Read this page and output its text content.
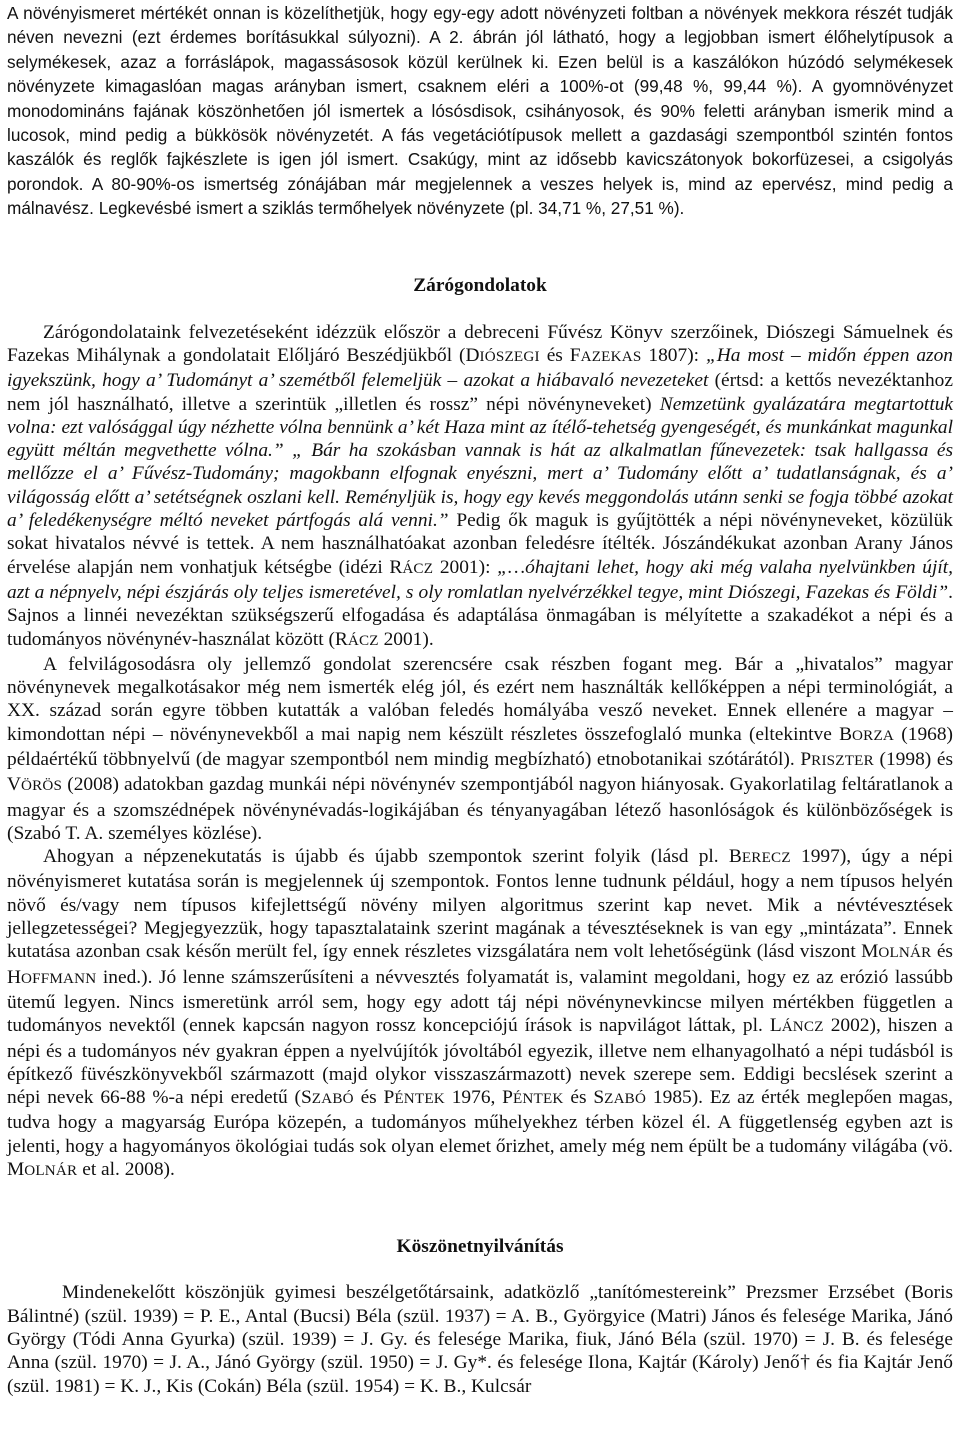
A növényismeret mértékét onnan is közelíthetjük, hogy egy-egy adott növényzeti foltban a növények mekkora részét tudják néven nevezni (ezt érdemes borításukkal súlyozni). A 2. ábrán jól látható, hogy a legjobban ismert élőhelytípusok a selymékesek, azaz a forráslápok, magassásosok közül kerülnek ki. Ezen belül is a kaszálókon húzódó selymékesek növényzete kimagaslóan magas arányban ismert, csaknem eléri a 100%-ot (99,48 %, 99,44 %). A gyomnövényzet monodomináns fajának köszönhetően jól ismertek a lósósdisok, csihányosok, és 90% feletti arányban ismerik mind a lucosok, mind pedig a bükkösök növényzetét. A fás vegetációtípusok mellett a gazdasági szempontból szintén fontos kaszálók és reglők fajkészlete is igen jól ismert. Csakúgy, mint az idősebb kavicszátonyok bokorfüzesei, a csigolyás porondok. A 80-90%-os ismertség zónájában már megjelennek a veszes helyek is, mind az epervész, mind pedig a málnavész. Legkevésbé ismert a sziklás termőhelyek növényzete (pl. 34,71 %, 27,51 %).

Zárógondolatok

Zárógondolataink felvezetéseként idézzük először a debreceni Fűvész Könyv szerzőinek, Diószegi Sámuelnek és Fazekas Mihálynak a gondolatait Előljáró Beszédjükből (DIÓSZEGI és FAZEKAS 1807): „Ha most – midőn éppen azon igyekszünk, hogy a’ Tudományt a’ szemétből felemeljük – azokat a hiábavaló nevezeteket (értsd: a kettős nevezéktanhoz nem jól használható, illetve a szerintük „illetlen és rossz” népi növényneveket) Nemzetünk gyalázatára megtartottuk volna: ezt valósággal úgy nézhette vólna bennünk a’ két Haza mint az ítélő-tehetség gyengeségét, és munkánkat magunkal együtt méltán megvethette vólna.” „ Bár ha szokásban vannak is hát az alkalmatlan fűnevezetek: tsak hallgassa és mellőzze el a’ Fűvész-Tudomány; magokbann elfognak enyészni, mert a’ Tudomány előtt a’ tudatlanságnak, és a’ világosság előtt a’ setétségnek oszlani kell. Reményljük is, hogy egy kevés meggondolás utánn senki se fogja többé azokat a’ feledékenységre méltó neveket pártfogás alá venni.” Pedig ők maguk is gyűjtötték a népi növényneveket, közülük sokat hivatalos névvé is tettek. A nem használhatóakat azonban feledésre ítélték. Jószándékukat azonban Arany János érvelése alapján nem vonhatjuk kétségbe (idézi RÁCZ 2001): „…óhajtani lehet, hogy aki még valaha nyelvünkben újít, azt a népnyelv, népi észjárás oly teljes ismeretével, s oly romlatlan nyelvérzékkel tegye, mint Diószegi, Fazekas és Földi”. Sajnos a linnéi nevezéktan szükségszerű elfogadása és adaptálása önmagában is mélyítette a szakadékot a népi és a tudományos növénynév-használat között (RÁCZ 2001).

A felvilágosodásra oly jellemző gondolat szerencsére csak részben fogant meg. Bár a „hivatalos” magyar növénynevek megalkotásakor még nem ismerték elég jól, és ezért nem használták kellőképpen a népi terminológiát, a XX. század során egyre többen kutatták a valóban feledés homályába vesző neveket. Ennek ellenére a magyar – kimondottan népi – növénynevekből a mai napig nem készült részletes összefoglaló munka (eltekintve BORZA (1968) példaértékű többnyelvű (de magyar szempontból nem mindig megbízható) etnobotanikai szótárától). PRISZTER (1998) és VÖRÖS (2008) adatokban gazdag munkái népi növénynév szempontjából nagyon hiányosak. Gyakorlatilag feltáratlanok a magyar és a szomszédnépek növénynévadás-logikájában és tényanyagában létező hasonlóságok és különbözőségek is (Szabó T. A. személyes közlése).

Ahogyan a népzenekutatás is újabb és újabb szempontok szerint folyik (lásd pl. BERECZ 1997), úgy a népi növényismeret kutatása során is megjelennek új szempontok. Fontos lenne tudnunk például, hogy a nem típusos helyén növő és/vagy nem típusos kifejlettségű növény milyen algoritmus szerint kap nevet. Mik a névtévesztések jellegzetességei? Megjegyezzük, hogy tapasztalataink szerint magának a tévesztéseknek is van egy „mintázata”. Ennek kutatása azonban csak későn merült fel, így ennek részletes vizsgálatára nem volt lehetőségünk (lásd viszont MOLNÁR és HOFFMANN ined.). Jó lenne számszerűsíteni a névvesztés folyamatát is, valamint megoldani, hogy ez az erózió lassúbb ütemű legyen. Nincs ismeretünk arról sem, hogy egy adott táj népi növénynevkincse milyen mértékben független a tudományos nevektől (ennek kapcsán nagyon rossz koncepciójú írások is napvilágot láttak, pl. LÁNCZ 2002), hiszen a népi és a tudományos név gyakran éppen a nyelvújítók jóvoltából egyezik, illetve nem elhanyagolható a népi tudásból is építkező füvészkönyvekből származott (majd olykor visszaszármazott) nevek szerepe sem. Eddigi becslések szerint a népi nevek 66-88 %-a népi eredetű (SZABÓ és PÉNTEK 1976, PÉNTEK és SZABÓ 1985). Ez az érték meglepően magas, tudva hogy a magyarság Európa közepén, a tudományos műhelyekhez térben közel él. A függetlenség egyben azt is jelenti, hogy a hagyományos ökológiai tudás sok olyan elemet őrizhet, amely még nem épült be a tudomány világába (vö. MOLNÁR et al. 2008).

Köszönetnyilvánítás

Mindenekelőtt köszönjük gyimesi beszélgetőtársaink, adatközlő „tanítómestereink” Prezsmer Erzsébet (Boris Bálintné) (szül. 1939) = P. E., Antal (Bucsi) Béla (szül. 1937) = A. B., Györgyice (Matri) János és felesége Marika, Jánó György (Tódi Anna Gyurka) (szül. 1939) = J. Gy. és felesége Marika, fiuk, Jánó Béla (szül. 1970) = J. B. és felesége Anna (szül. 1970) = J. A., Jánó György (szül. 1950) = J. Gy*. és felesége Ilona, Kajtár (Károly) Jenő† és fia Kajtár Jenő (szül. 1981) = K. J., Kis (Cokán) Béla (szül. 1954) = K. B., Kulcsár
